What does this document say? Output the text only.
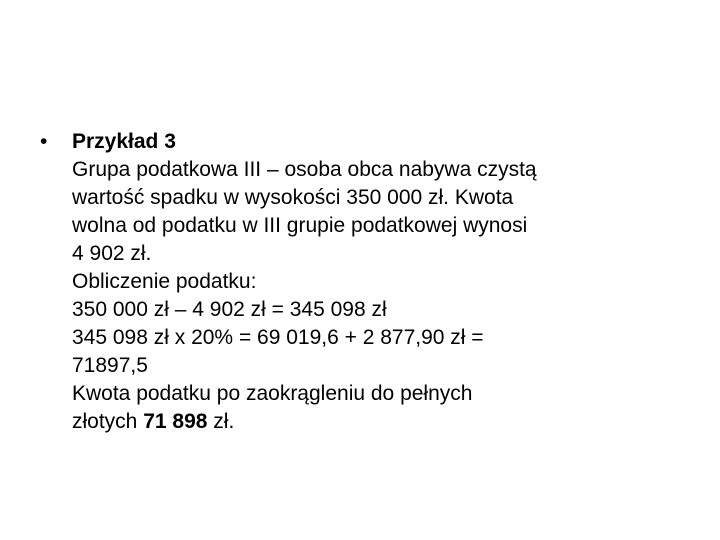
•	Przykład 3
Grupa podatkowa III – osoba obca nabywa czystą
wartość spadku w wysokości 350 000 zł. Kwota
wolna od podatku w III grupie podatkowej wynosi
4 902 zł.
Obliczenie podatku:
350 000 zł – 4 902 zł = 345 098 zł
345 098 zł x 20% = 69 019,6 + 2 877,90 zł =
71897,5
Kwota podatku po zaokrągleniu do pełnych
złotych 71 898 zł.
